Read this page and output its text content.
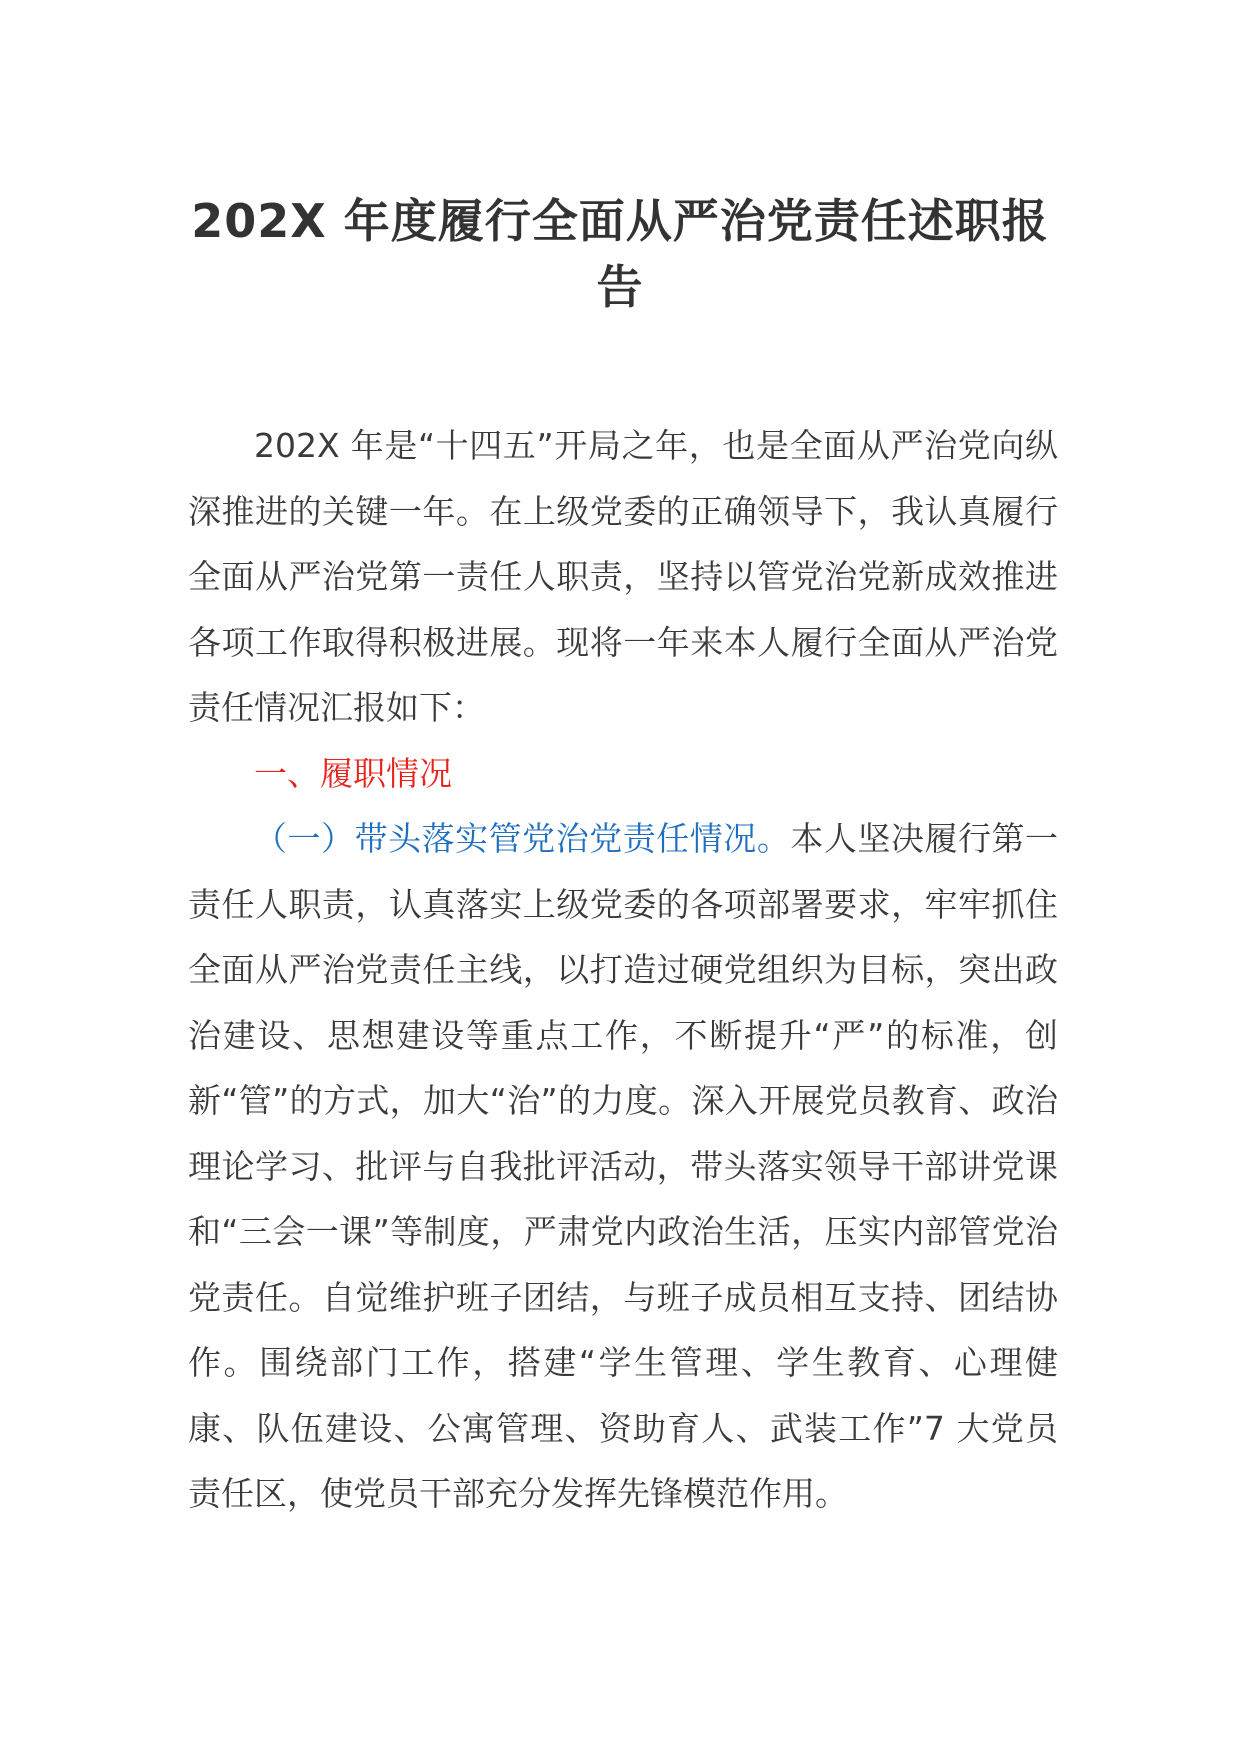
202X 年度履行全面从严治党责任述职报告

202X 年是“十四五”开局之年，也是全面从严治党向纵深推进的关键一年。在上级党委的正确领导下，我认真履行全面从严治党第一责任人职责，坚持以管党治党新成效推进各项工作取得积极进展。现将一年来本人履行全面从严治党责任情况汇报如下：

一、履职情况

（一）带头落实管党治党责任情况。本人坚决履行第一责任人职责，认真落实上级党委的各项部署要求，牢牢抓住全面从严治党责任主线，以打造过硬党组织为目标，突出政治建设、思想建设等重点工作，不断提升“严”的标准，创新“管”的方式，加大“治”的力度。深入开展党员教育、政治理论学习、批评与自我批评活动，带头落实领导干部讲党课和“三会一课”等制度，严肃党内政治生活，压实内部管党治党责任。自觉维护班子团结，与班子成员相互支持、团结协作。围绕部门工作，搭建“学生管理、学生教育、心理健康、队伍建设、公寓管理、资助育人、武装工作”7 大党员责任区，使党员干部充分发挥先锋模范作用。
